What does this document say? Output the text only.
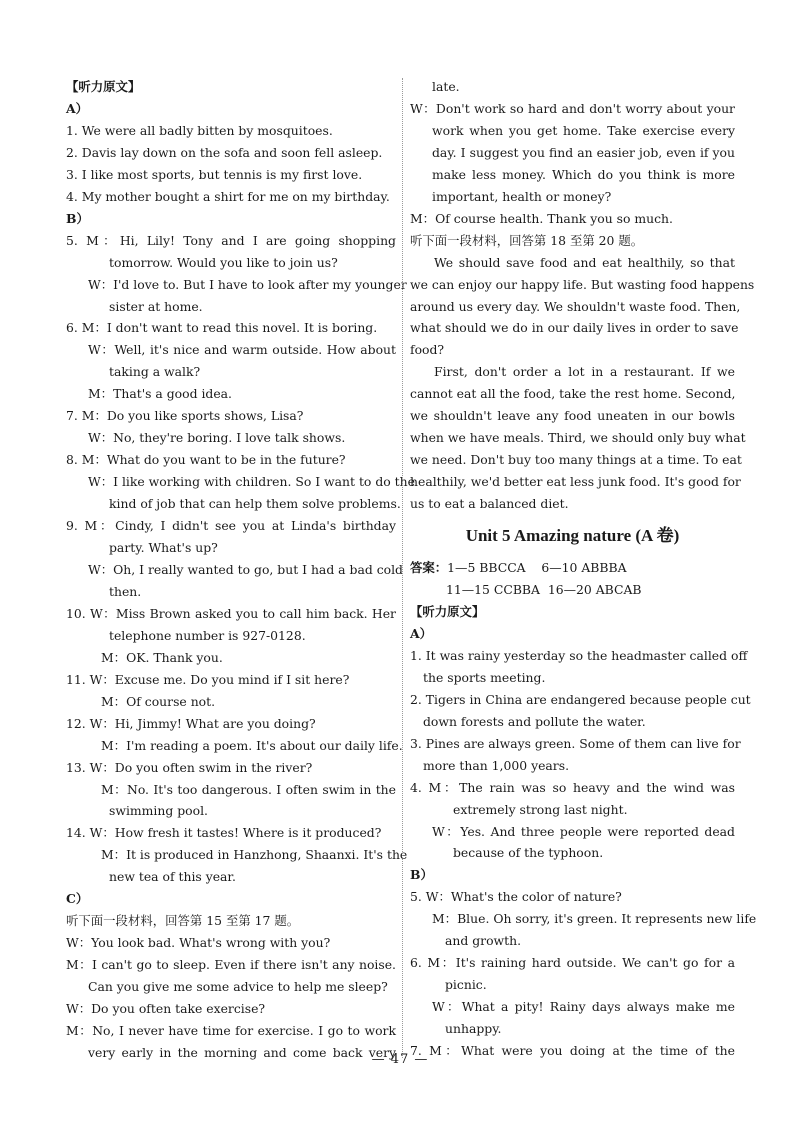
【听力原文】
A）
1. We were all badly bitten by mosquitoes.
2. Davis lay down on the sofa and soon fell asleep.
3. I like most sports, but tennis is my first love.
4. My mother bought a shirt for me on my birthday.
B）
5. M：Hi, Lily! Tony and I are going shopping
tomorrow. Would you like to join us?
W：I'd love to. But I have to look after my younger
sister at home.
6. M：I don't want to read this novel. It is boring.
W：Well, it's nice and warm outside. How about
taking a walk?
M：That's a good idea.
7. M：Do you like sports shows, Lisa?
W：No, they're boring. I love talk shows.
8. M：What do you want to be in the future?
W：I like working with children. So I want to do the
kind of job that can help them solve problems.
9. M：Cindy, I didn't see you at Linda's birthday
party. What's up?
W：Oh, I really wanted to go, but I had a bad cold
then.
10. W：Miss Brown asked you to call him back. Her
telephone number is 927-0128.
M：OK. Thank you.
11. W：Excuse me. Do you mind if I sit here?
M：Of course not.
12. W：Hi, Jimmy! What are you doing?
M：I'm reading a poem. It's about our daily life.
13. W：Do you often swim in the river?
M：No. It's too dangerous. I often swim in the
swimming pool.
14. W：How fresh it tastes! Where is it produced?
M：It is produced in Hanzhong, Shaanxi. It's the
new tea of this year.
C）
听下面一段材料，回答第 15 至第 17 题。
W：You look bad. What's wrong with you?
M：I can't go to sleep. Even if there isn't any noise.
Can you give me some advice to help me sleep?
W：Do you often take exercise?
M：No, I never have time for exercise. I go to work
very early in the morning and come back very
late.
W：Don't work so hard and don't worry about your
work when you get home. Take exercise every
day. I suggest you find an easier job, even if you
make less money. Which do you think is more
important, health or money?
M：Of course health. Thank you so much.
听下面一段材料，回答第 18 至第 20 题。
We should save food and eat healthily, so that
we can enjoy our happy life. But wasting food happens
around us every day. We shouldn't waste food. Then,
what should we do in our daily lives in order to save
food?
First, don't order a lot in a restaurant. If we
cannot eat all the food, take the rest home. Second,
we shouldn't leave any food uneaten in our bowls
when we have meals. Third, we should only buy what
we need. Don't buy too many things at a time. To eat
healthily, we'd better eat less junk food. It's good for
us to eat a balanced diet.
Unit 5 Amazing nature (A 卷)
答案：1—5 BBCCA    6—10 ABBBA
11—15 CCBBA  16—20 ABCAB
【听力原文】
A）
1. It was rainy yesterday so the headmaster called off
the sports meeting.
2. Tigers in China are endangered because people cut
down forests and pollute the water.
3. Pines are always green. Some of them can live for
more than 1,000 years.
4. M：The rain was so heavy and the wind was
extremely strong last night.
W：Yes. And three people were reported dead
because of the typhoon.
B）
5. W：What's the color of nature?
M：Blue. Oh sorry, it's green. It represents new life
and growth.
6. M：It's raining hard outside. We can't go for a
picnic.
W：What a pity! Rainy days always make me
unhappy.
7. M：What were you doing at the time of the
— 47 —
